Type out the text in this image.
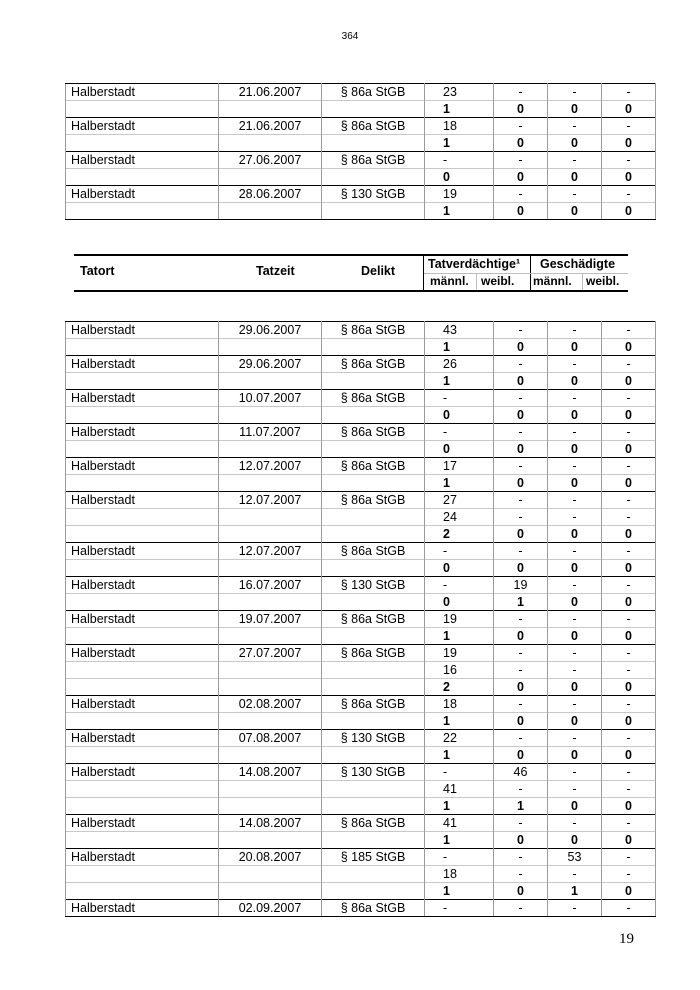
364
Halberstadt	21.06.2007	§ 86a StGB	23	-	-	-
			1	0	0	0
Halberstadt	21.06.2007	§ 86a StGB	18	-	-	-
			1	0	0	0
Halberstadt	27.06.2007	§ 86a StGB	-	-	-	-
			0	0	0	0
Halberstadt	28.06.2007	§ 130 StGB	19	-	-	-
			1	0	0	0
Tatort	Tatzeit	Delikt	Tatverdächtige¹ Geschädigte
männl. weibl. männl. weibl.
Halberstadt	29.06.2007	§ 86a StGB	43	-	-	-
			1	0	0	0
Halberstadt	29.06.2007	§ 86a StGB	26	-	-	-
			1	0	0	0
Halberstadt	10.07.2007	§ 86a StGB	-	-	-	-
			0	0	0	0
Halberstadt	11.07.2007	§ 86a StGB	-	-	-	-
			0	0	0	0
Halberstadt	12.07.2007	§ 86a StGB	17	-	-	-
			1	0	0	0
Halberstadt	12.07.2007	§ 86a StGB	27	-	-	-
			24	-	-	-
			2	0	0	0
Halberstadt	12.07.2007	§ 86a StGB	-	-	-	-
			0	0	0	0
Halberstadt	16.07.2007	§ 130 StGB	-	19	-	-
			0	1	0	0
Halberstadt	19.07.2007	§ 86a StGB	19	-	-	-
			1	0	0	0
Halberstadt	27.07.2007	§ 86a StGB	19	-	-	-
			16	-	-	-
			2	0	0	0
Halberstadt	02.08.2007	§ 86a StGB	18	-	-	-
			1	0	0	0
Halberstadt	07.08.2007	§ 130 StGB	22	-	-	-
			1	0	0	0
Halberstadt	14.08.2007	§ 130 StGB	-	46	-	-
			41	-	-	-
			1	1	0	0
Halberstadt	14.08.2007	§ 86a StGB	41	-	-	-
			1	0	0	0
Halberstadt	20.08.2007	§ 185 StGB	-	-	53	-
			18	-	-	-
			1	0	1	0
Halberstadt	02.09.2007	§ 86a StGB	-	-	-	-
19
